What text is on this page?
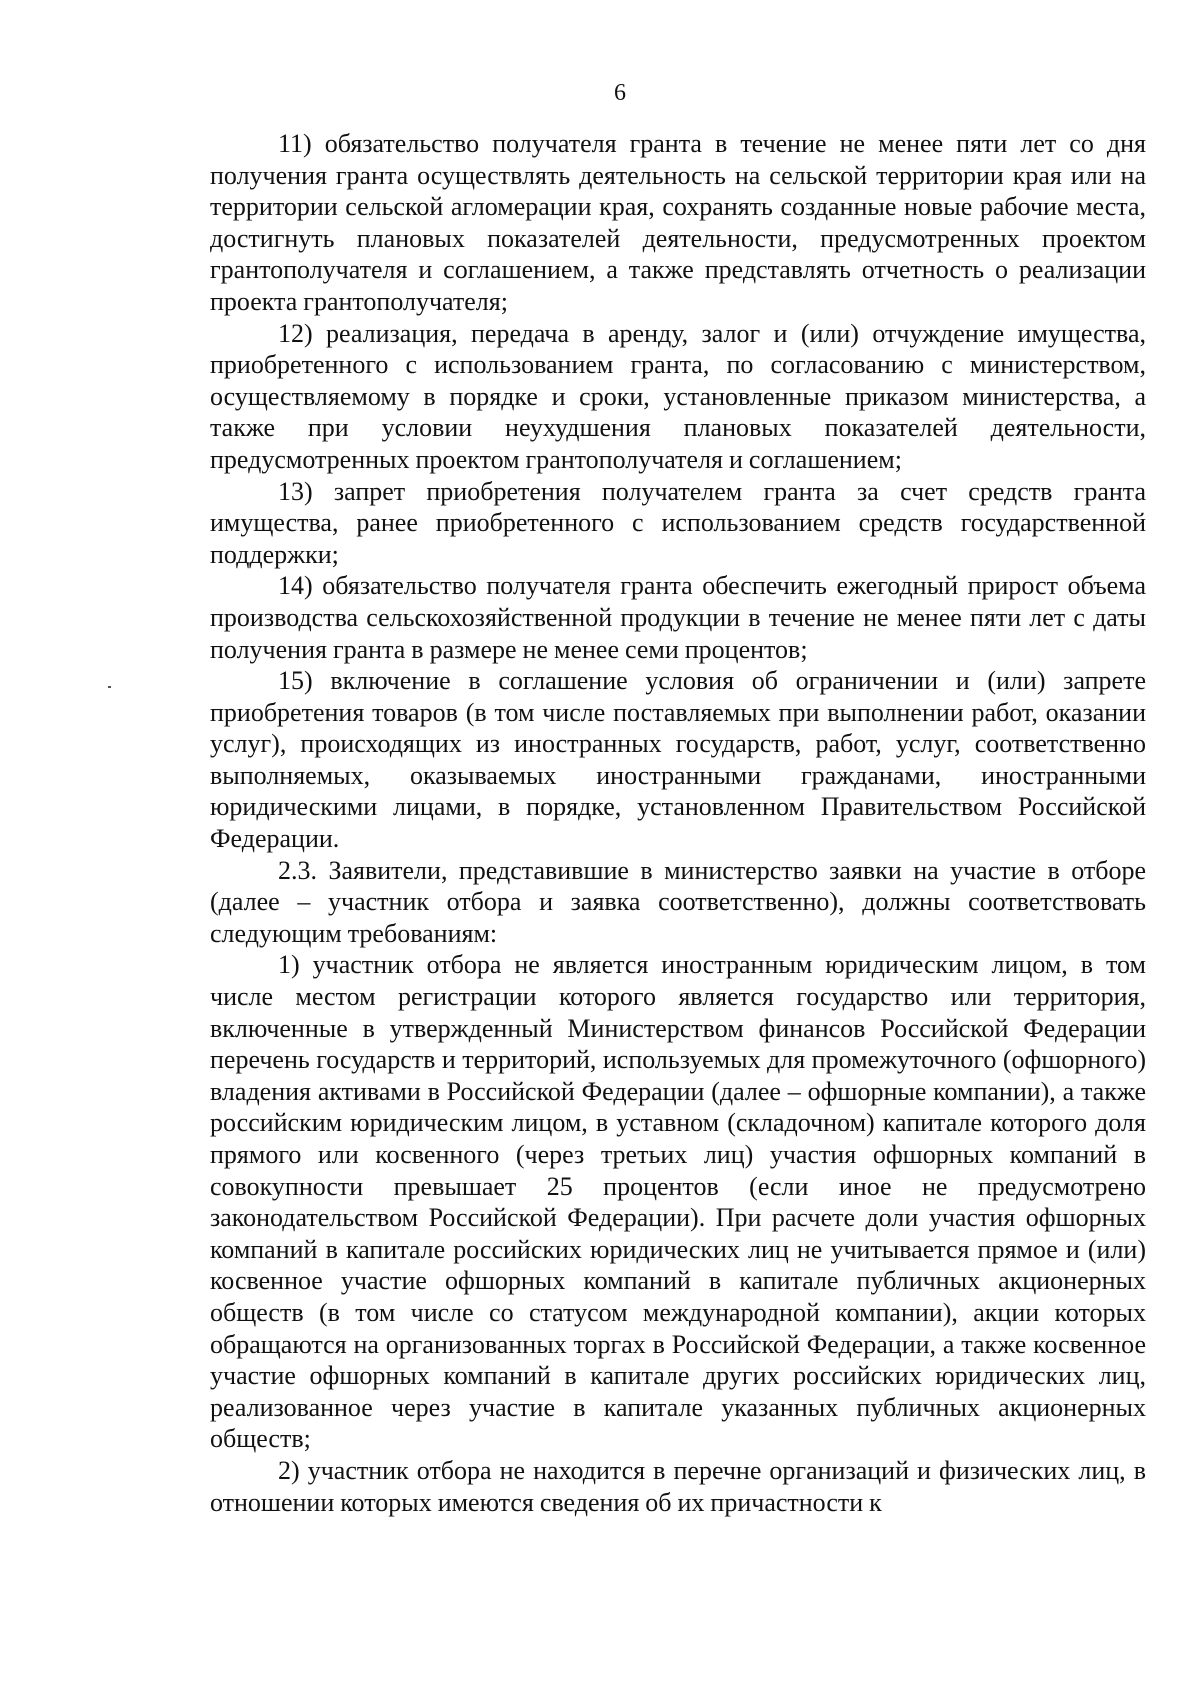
6

11) обязательство получателя гранта в течение не менее пяти лет со дня получения гранта осуществлять деятельность на сельской территории края или на территории сельской агломерации края, сохранять созданные новые рабочие места, достигнуть плановых показателей деятельности, предусмотренных проектом грантополучателя и соглашением, а также представлять отчетность о реализации проекта грантополучателя;

12) реализация, передача в аренду, залог и (или) отчуждение имущества, приобретенного с использованием гранта, по согласованию с министерством, осуществляемому в порядке и сроки, установленные приказом министерства, а также при условии неухудшения плановых показателей деятельности, предусмотренных проектом грантополучателя и соглашением;

13) запрет приобретения получателем гранта за счет средств гранта имущества, ранее приобретенного с использованием средств государственной поддержки;

14) обязательство получателя гранта обеспечить ежегодный прирост объема производства сельскохозяйственной продукции в течение не менее пяти лет с даты получения гранта в размере не менее семи процентов;

15) включение в соглашение условия об ограничении и (или) запрете приобретения товаров (в том числе поставляемых при выполнении работ, оказании услуг), происходящих из иностранных государств, работ, услуг, соответственно выполняемых, оказываемых иностранными гражданами, иностранными юридическими лицами, в порядке, установленном Правительством Российской Федерации.

2.3. Заявители, представившие в министерство заявки на участие в отборе (далее – участник отбора и заявка соответственно), должны соответствовать следующим требованиям:

1) участник отбора не является иностранным юридическим лицом, в том числе местом регистрации которого является государство или территория, включенные в утвержденный Министерством финансов Российской Федерации перечень государств и территорий, используемых для промежуточного (офшорного) владения активами в Российской Федерации (далее – офшорные компании), а также российским юридическим лицом, в уставном (складочном) капитале которого доля прямого или косвенного (через третьих лиц) участия офшорных компаний в совокупности превышает 25 процентов (если иное не предусмотрено законодательством Российской Федерации). При расчете доли участия офшорных компаний в капитале российских юридических лиц не учитывается прямое и (или) косвенное участие офшорных компаний в капитале публичных акционерных обществ (в том числе со статусом международной компании), акции которых обращаются на организованных торгах в Российской Федерации, а также косвенное участие офшорных компаний в капитале других российских юридических лиц, реализованное через участие в капитале указанных публичных акционерных обществ;

2) участник отбора не находится в перечне организаций и физических лиц, в отношении которых имеются сведения об их причастности к
